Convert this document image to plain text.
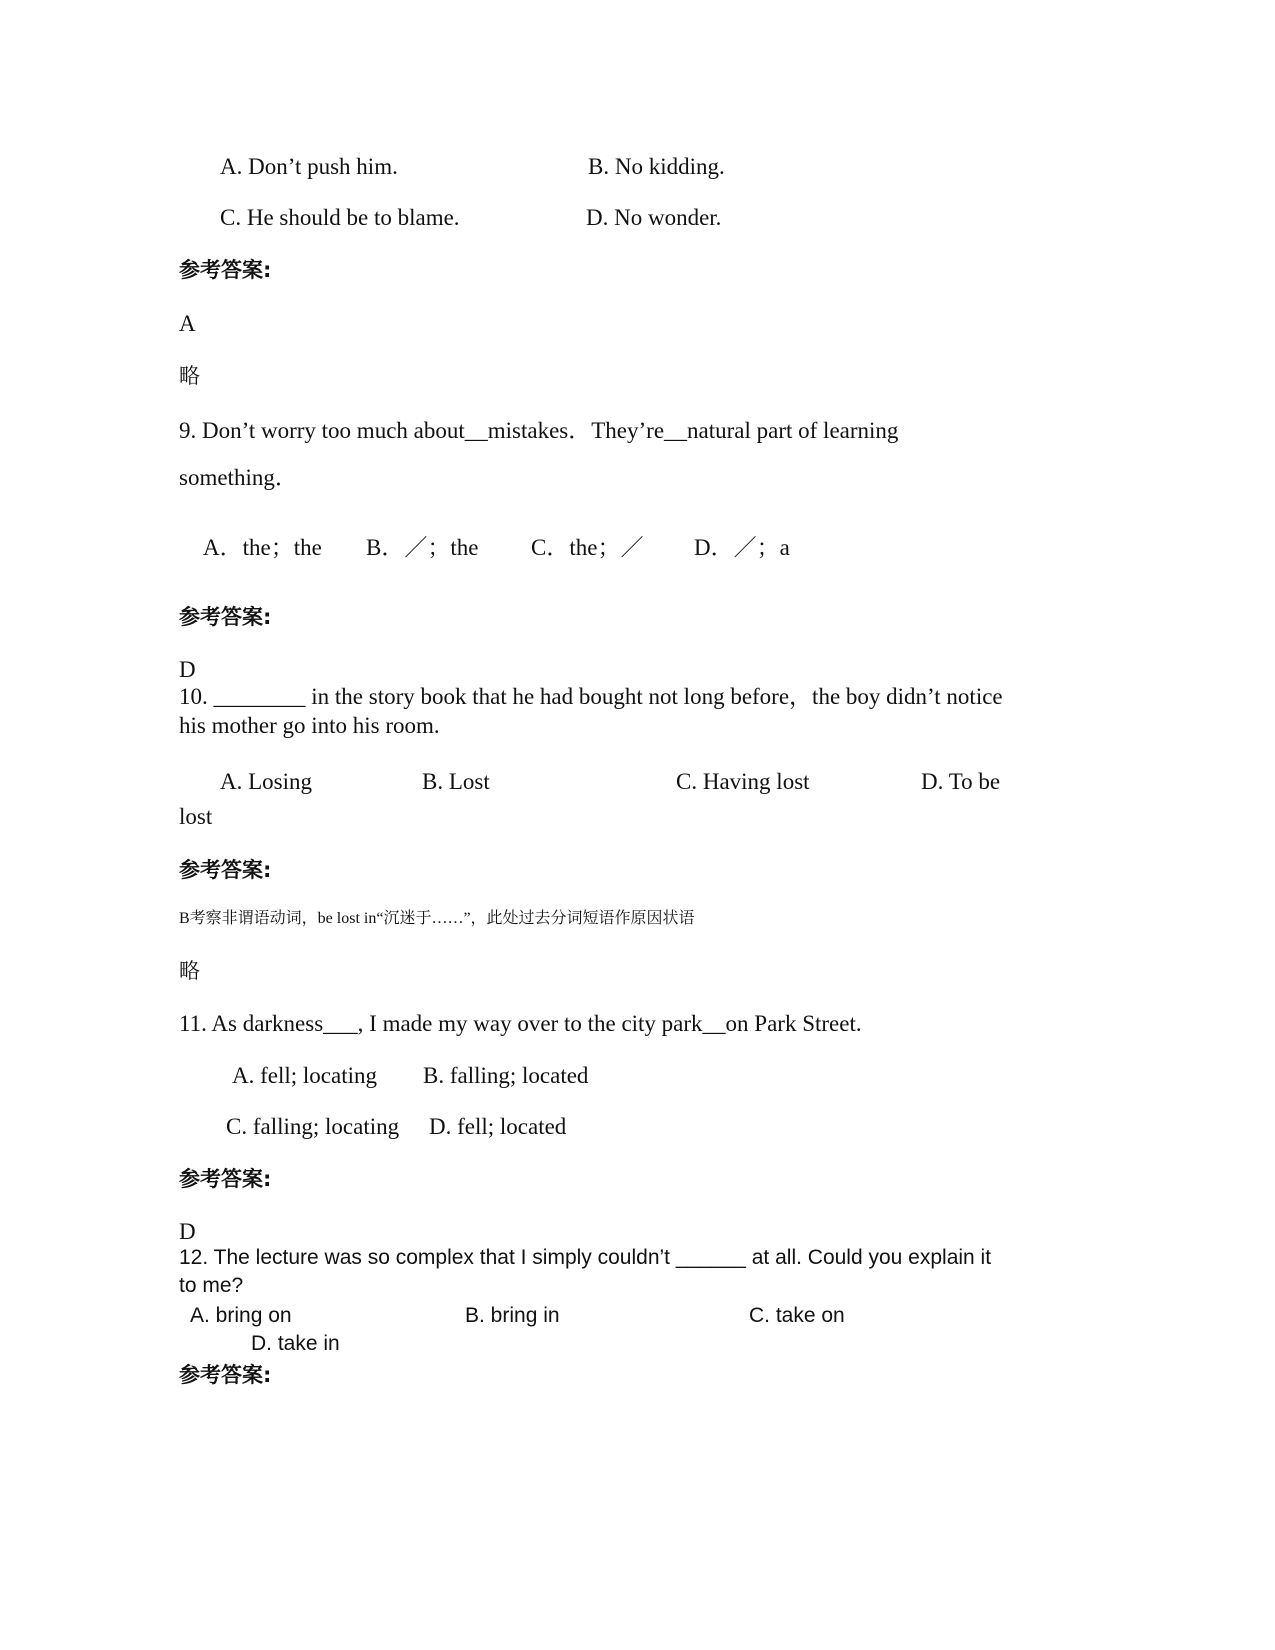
A. Don’t push him.	B. No kidding.
C. He should be to blame.	D. No wonder.
参考答案:
A
略
9. Don’t worry too much about__mistakes．They’re__natural part of learning
something．
A．the；the B．／；the C．the；／ D．／；a
参考答案:
D
10. ________ in the story book that he had bought not long before，the boy didn’t notice
his mother go into his room.
A. Losing	B. Lost	C. Having lost	D. To be
lost
参考答案:
B考察非谓语动词，be lost in“沉迷于……”，此处过去分词短语作原因状语
略
11. As darkness___, I made my way over to the city park__on Park Street.
A. fell; locating B. falling; located
C. falling; locating D. fell; located
参考答案:
D
12. The lecture was so complex that I simply couldn’t ______ at all. Could you explain it
to me?
A. bring on	B. bring in	C. take on
D. take in
参考答案:
